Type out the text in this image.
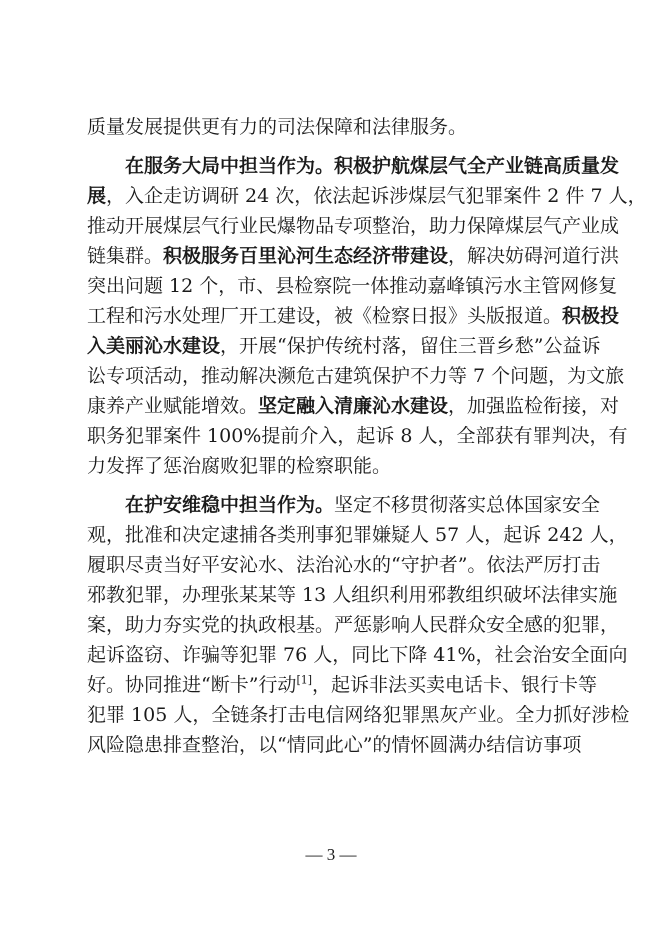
质量发展提供更有力的司法保障和法律服务。
在服务大局中担当作为。积极护航煤层气全产业链高质量发
展，入企走访调研 24 次，依法起诉涉煤层气犯罪案件 2 件 7 人，
推动开展煤层气行业民爆物品专项整治，助力保障煤层气产业成
链集群。积极服务百里沁河生态经济带建设，解决妨碍河道行洪
突出问题 12 个，市、县检察院一体推动嘉峰镇污水主管网修复
工程和污水处理厂开工建设，被《检察日报》头版报道。积极投
入美丽沁水建设，开展“保护传统村落，留住三晋乡愁”公益诉
讼专项活动，推动解决濒危古建筑保护不力等 7 个问题，为文旅
康养产业赋能增效。坚定融入清廉沁水建设，加强监检衔接，对
职务犯罪案件 100%提前介入，起诉 8 人，全部获有罪判决，有
力发挥了惩治腐败犯罪的检察职能。
在护安维稳中担当作为。坚定不移贯彻落实总体国家安全
观，批准和决定逮捕各类刑事犯罪嫌疑人 57 人，起诉 242 人，
履职尽责当好平安沁水、法治沁水的“守护者”。依法严厉打击
邪教犯罪，办理张某某等 13 人组织利用邪教组织破坏法律实施
案，助力夯实党的执政根基。严惩影响人民群众安全感的犯罪，
起诉盗窃、诈骗等犯罪 76 人，同比下降 41%，社会治安全面向
好。协同推进“断卡”行动[1]，起诉非法买卖电话卡、银行卡等
犯罪 105 人，全链条打击电信网络犯罪黑灰产业。全力抓好涉检
风险隐患排查整治，以“情同此心”的情怀圆满办结信访事项
— 3 —
